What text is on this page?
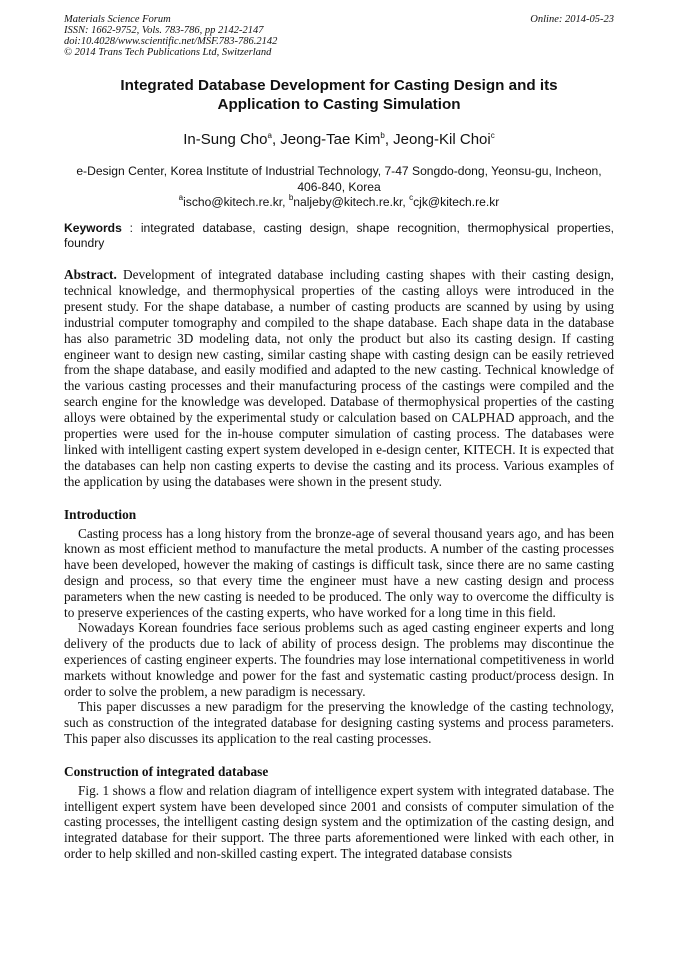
Materials Science Forum
ISSN: 1662-9752, Vols. 783-786, pp 2142-2147
doi:10.4028/www.scientific.net/MSF.783-786.2142
© 2014 Trans Tech Publications Ltd, Switzerland
Online: 2014-05-23
Integrated Database Development for Casting Design and its
Application to Casting Simulation
In-Sung Cho$^a$, Jeong-Tae Kim$^b$, Jeong-Kil Choi$^c$
e-Design Center, Korea Institute of Industrial Technology, 7-47 Songdo-dong, Yeonsu-gu, Incheon, 406-840, Korea
$^a$ischo@kitech.re.kr, $^b$naljeby@kitech.re.kr, $^c$cjk@kitech.re.kr
Keywords : integrated database, casting design, shape recognition, thermophysical properties, foundry
Abstract. Development of integrated database including casting shapes with their casting design, technical knowledge, and thermophysical properties of the casting alloys were introduced in the present study. For the shape database, a number of casting products are scanned by using by using industrial computer tomography and compiled to the shape database. Each shape data in the database has also parametric 3D modeling data, not only the product but also its casting design. If casting engineer want to design new casting, similar casting shape with casting design can be easily retrieved from the shape database, and easily modified and adapted to the new casting. Technical knowledge of the various casting processes and their manufacturing process of the castings were compiled and the search engine for the knowledge was developed. Database of thermophysical properties of the casting alloys were obtained by the experimental study or calculation based on CALPHAD approach, and the properties were used for the in-house computer simulation of casting process. The databases were linked with intelligent casting expert system developed in e-design center, KITECH. It is expected that the databases can help non casting experts to devise the casting and its process. Various examples of the application by using the databases were shown in the present study.
Introduction

Casting process has a long history from the bronze-age of several thousand years ago, and has been known as most efficient method to manufacture the metal products. A number of the casting processes have been developed, however the making of castings is difficult task, since there are no same casting design and process, so that every time the engineer must have a new casting design and process parameters when the new casting is needed to be produced. The only way to overcome the difficulty is to preserve experiences of the casting experts, who have worked for a long time in this field.

Nowadays Korean foundries face serious problems such as aged casting engineer experts and long delivery of the products due to lack of ability of process design. The problems may discontinue the experiences of casting engineer experts. The foundries may lose international competitiveness in world markets without knowledge and power for the fast and systematic casting product/process design. In order to solve the problem, a new paradigm is necessary.

This paper discusses a new paradigm for the preserving the knowledge of the casting technology, such as construction of the integrated database for designing casting systems and process parameters. This paper also discusses its application to the real casting processes.

Construction of integrated database

Fig. 1 shows a flow and relation diagram of intelligence expert system with integrated database. The intelligent expert system have been developed since 2001 and consists of computer simulation of the casting processes, the intelligent casting design system and the optimization of the casting design, and integrated database for their support. The three parts aforementioned were linked with each other, in order to help skilled and non-skilled casting expert. The integrated database consists
